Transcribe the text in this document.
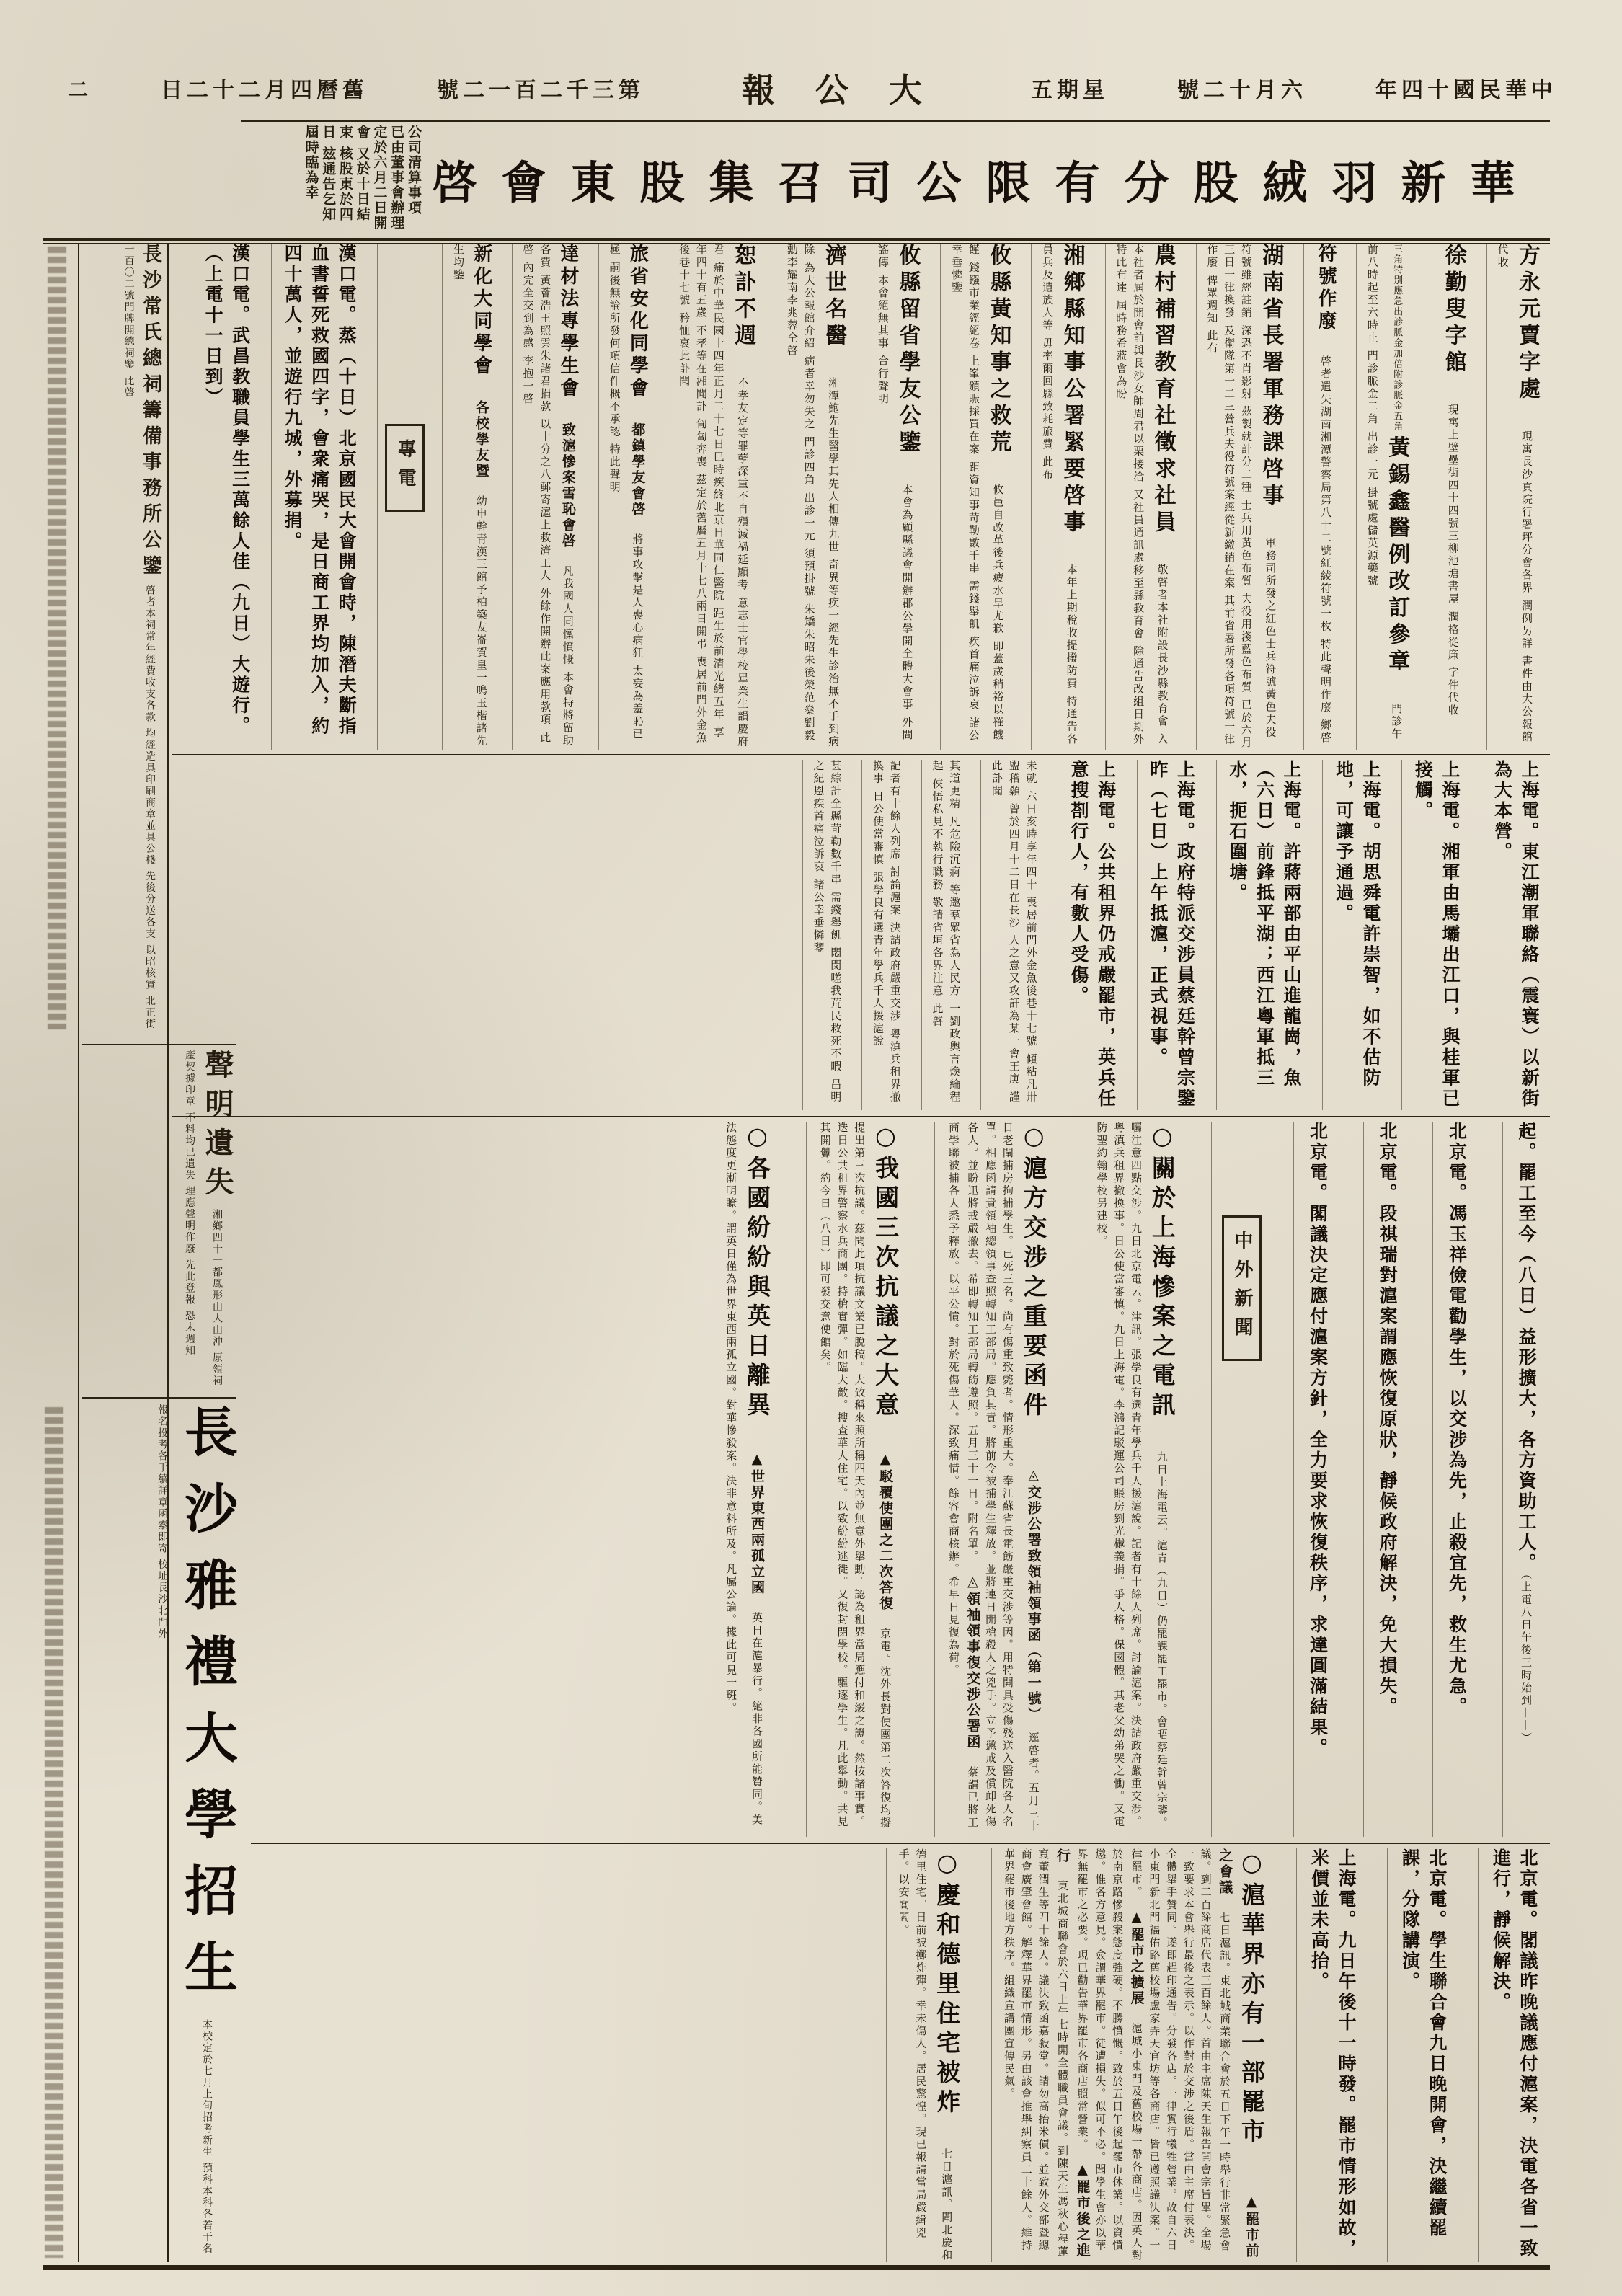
二	日二十二月四曆舊	號二一百二千三第	報公大	五期星	號二十月六	年四十國民華中
公司清算事項 已由董事會辦理 定於六月二日開會 又於十日結束 核股東於四日 玆通告乞知 屆時臨為幸	啓會東股集召司公限有分股絨羽新華
方永元賣字處　現寓長沙貢院行署坪分會各界 潤例另詳 書件由大公報館代收
徐勤叟字館　現寓上壁壘街四十四號三柳池塘書屋 潤格從廉 字件代收
三角特別應急出診脈金加倍附診脈金五角 黃錫鑫醫例改訂參章　門診午前八時起至六時止 門診脈金二角 出診一元 掛號處儲英源藥號
符號作廢　啓者遺失湖南湘潭警察局第八十二號紅綾符號一枚 特此聲明作廢 鄉啓
湖南省長署軍務課啓事　軍務司所發之紅色士兵符號黃色夫役符號雖經註銷 深恐不肖影射 茲製就計分二種 士兵用黃色布質 夫役用淺藍色布質 已於六月三日一律換發 及衛隊第一二三營兵夫役符號案經從新繳銷在案 其前省署所發各項符號一律作廢 俾眾週知 此布
農村補習教育社徵求社員　敬啓者本社附設長沙縣教育會 入本社者屆於開會前與長沙女師周君以栗接洽 又社員通訊處移至縣教育會 除通告改組日期外特此布達 屆時務希蒞會為盼
湘鄉縣知事公署緊要啓事　本年上期稅收提撥防費 特通告各員兵及遺族人等 毋率爾回縣致耗旅費 此布
攸縣黃知事之救荒　攸邑自改革後兵疲水旱尤歉 即蓋歲稍裕以罹饑饉 錢鏹市業經絕卷 上峯頒賑採買在案 距資知事苛勒數千串 需錢舉飢 疾首痛泣訴哀 諸公幸垂憐鑒
攸縣留省學友公鑒　本會為顧縣議會開辦郡公學開全體大會事 外間謠傳 本會絕無其事 合行聲明
濟世名醫　湘潭鮑先生醫學其先人相傳九世 奇異等疾一經先生診治無不手到病除 為大公報館介紹 病者幸勿失之 門診四角 出診一元 須預掛號 朱矯朱昭朱後榮范燊劉毅勳李耀南李兆蓉仝啓
恕訃不週　不孝友定等罪孽深重不自殞滅禍延顯考 意志士官學校畢業生韻慶府君 痛於中華民國十四年正月二十七日巳時疾終北京日華同仁醫院 距生於前清光緒五年 享年四十有五歲 不孝等在湘聞訃 匍匐奔喪 茲定於舊曆五月十七八兩日開弔 喪居前門外金魚後巷十七號 矜恤哀此訃聞
旅省安化同學會　都鎮學友會啓　將事攻擊是人喪心病狂 太妄為羞恥已極 嗣後無論所發何項信件概不承認 特此聲明
達材法專學生會　致滬慘案雪恥會啓　凡我國人同懍憤慨 本會特將留助各費 黃薈浩王照雲朱諸君捐款 以十分之八郵寄滬上救濟工人 外餘作開辦此案應用款項 此啓 內完全交到為感 李抱一啓
新化大同學會　各校學友暨　幼申幹青漢三館予柏築友崙賀皇一鳴玉楷諸先生均鑒
專電
漢口電。蒸（十日）北京國民大會開會時，陳潛夫斷指血書誓死救國四字，會衆痛哭，是日商工界均加入，約四十萬人，並遊行九城，外募捐。
漢口電。武昌教職員學生三萬餘人佳（九日）大遊行。（上電十一日到）
上海電。東江潮軍聯絡（震寰）以新街為大本營。
上海電。湘軍由馬壩出江口，與桂軍已接觸。
上海電。胡思舜電許崇智，如不估防地，可讓予通過。
上海電。許蔣兩部由平山進龍崗，魚（六日）前鋒抵平湖；西江粵軍抵三水，扼石圍塘。
上海電。政府特派交涉員蔡廷幹曾宗鑒昨（七日）上午抵滬，正式視事。
上海電。公共租界仍戒嚴罷市，英兵任意搜剳行人，有數人受傷。
未就 六日亥時享年四十 喪居前門外金魚後巷十七號 傾粘凡卅 盥稽顙 曾於四月十二日在長沙 人之意又攻訐為某一會王庚 謹此訃聞
其道更精 凡危險沉痾 等邀羣眾省為人民方 一劉政輿言煥綸程起 俠悟私見不執行職務 敬請省垣各界注意 此啓
記者有十餘人列席 討論滬案 決請政府嚴重交涉 粵滇兵租界撤換事 日公使當審慎 張學良有選青年學兵千人援滬說
甚綜計全縣苛勒數千串 需錢舉飢 悶閔嗟我荒民救死不暇 昌明之紀恩疾首痛泣訴哀 諸公幸垂憐鑒
起。罷工至今（八日）益形擴大，各方資助工人。（上電八日午後三時始到——）
北京電。馮玉祥儉電勸學生，以交涉為先，止殺宜先，救生尤急。
北京電。段祺瑞對滬案謂應恢復原狀，靜候政府解決，免大損失。
北京電。閣議決定應付滬案方針，全力要求恢復秩序，求達圓滿結果。
中外新聞
○關於上海慘案之電訊　九日上海電云。滬青（九日）仍罷課罷工罷市。會晤蔡廷幹曾宗鑒。囑注意四點交涉。九日北京電云。津訊。張學良有選青年學兵千人援滬說。記者有十餘人列席。討論滬案。決請政府嚴重交涉。粵滇兵租界撤換事。日公使當審慎。九日上海電。李鴻記駁運公司賬房劉光樾義捐。爭人格。保國體。其老父幼弟哭之慟。又電防聖約翰學校另建校。
○滬方交涉之重要函件　　◬交涉公署致領袖領事函（第一號）　逕啓者。五月三十日老閘捕房拘捕學生。已死三名。尚有傷重致斃者。情形重大。奉江蘇省長電飭嚴重交涉等因。用特開具受傷殘送入醫院各人名單。相應函請貴領袖總領事查照轉知工部局。應負其責。將前令被捕學生釋放。並將連日開槍殺人之兇手。立予懲戒及償卹死傷各人。並盼迅將戒嚴撤去。希即轉知工部局轉飭遵照。五月三十一日。附名單。　◬領袖領事復交涉公署函　蔡謂已將工商學聯被捕各人悉予釋放。以平公憤。對於死傷華人。深致痛惜。餘容會商核辦。希早日見復為荷。
○我國三次抗議之大意　▲駁覆使團之二次答復　京電。沈外長對使團第二次答復均擬提出第三次抗議。茲聞此項抗議文業已脫稿。大致稱來照所稱四天內並無意外舉動。認為租界當局應付和緩之證。然按諸事實。迭日公共租界警察水兵商團。持槍實彈。如臨大敵。搜查華人住宅。以致紛紛逃徙。又復封閉學校。驅逐學生。凡此舉動。共見其開釁。約今日（八日）即可發交意使館矣。
○各國紛紛與英日離異　▲世界東西兩孤立國　英日在滬暴行。絕非各國所能贊同。美法態度更漸明瞭。謂英日僅為世界東西兩孤立國。對華慘殺案。決非意料所及。凡屬公論。據此可見一斑。
北京電。閣議昨晚議應付滬案，決電各省一致進行，靜候解決。
北京電。學生聯合會九日晚開會，決繼續罷課，分隊講演。
上海電。九日午後十一時發。罷市情形如故，米價並未高抬。
○滬華界亦有一部罷市　　▲罷市前之會議　七日滬訊。東北城商業聯合會於五日下午一時舉行非常緊急會議。到二百餘商店代表三百餘人。首由主席陳天生報告開會宗旨畢。全場一致要求本會舉行最後之表示。以作對於交涉之後盾。當由主席付表決。全體舉手贊同。遂即趕印通告。分發各店。一律實行犧牲營業。故自六日小東門新北門福佑路舊校場盧家弄天官坊等各商店。皆已遵照議決案。一律罷市。　▲罷市之擴展　滬城小東門及舊校場一帶各商店。因英人對於南京路慘殺案態度強硬。不勝憤慨。致於五日午後起罷市休業。以資憤懲。惟各方意見。僉謂華界罷市。徒遭損失。似可不必。聞學生會亦以華界無罷市之必要。現已勸告華界罷市各商店照常營業。　▲罷市後之進行　東北城商聯會於六日上午七時開全體職員會議。到陳天生馮秋心程蓮寰董潤生等四十餘人。議決致函嘉殺堂。請勿高抬米價。並致外交部暨總商會廣肇會館。解釋華界罷市情形。另由該會推舉糾察員二十餘人。維持華界罷市後地方秩序。組織宣講團宣傳民氣。
○慶和德里住宅被炸　七日滬訊。閘北慶和德里住宅。日前被擲炸彈。幸未傷人。居民驚惶。現已報請當局嚴緝兇手。以安閭閻。
長沙常氏總祠籌備事務所公鑒 啓者本祠常年經費收支各款 均經造具印刷商章並具公棧 先後分送各支 以昭核實 北正街一百〇二號門牌開總祠鑒 此啓
聲明遺失 湘鄉四十一都鳳形山大山沖 原領祠產契據印章 不料均已遺失 理應聲明作廢 先此登報 恐未週知
長沙雅禮大學招生 本校定於七月上旬招考新生 預科本科各若干名 報名投考各手續詳章函索即寄 校址長沙北門外
